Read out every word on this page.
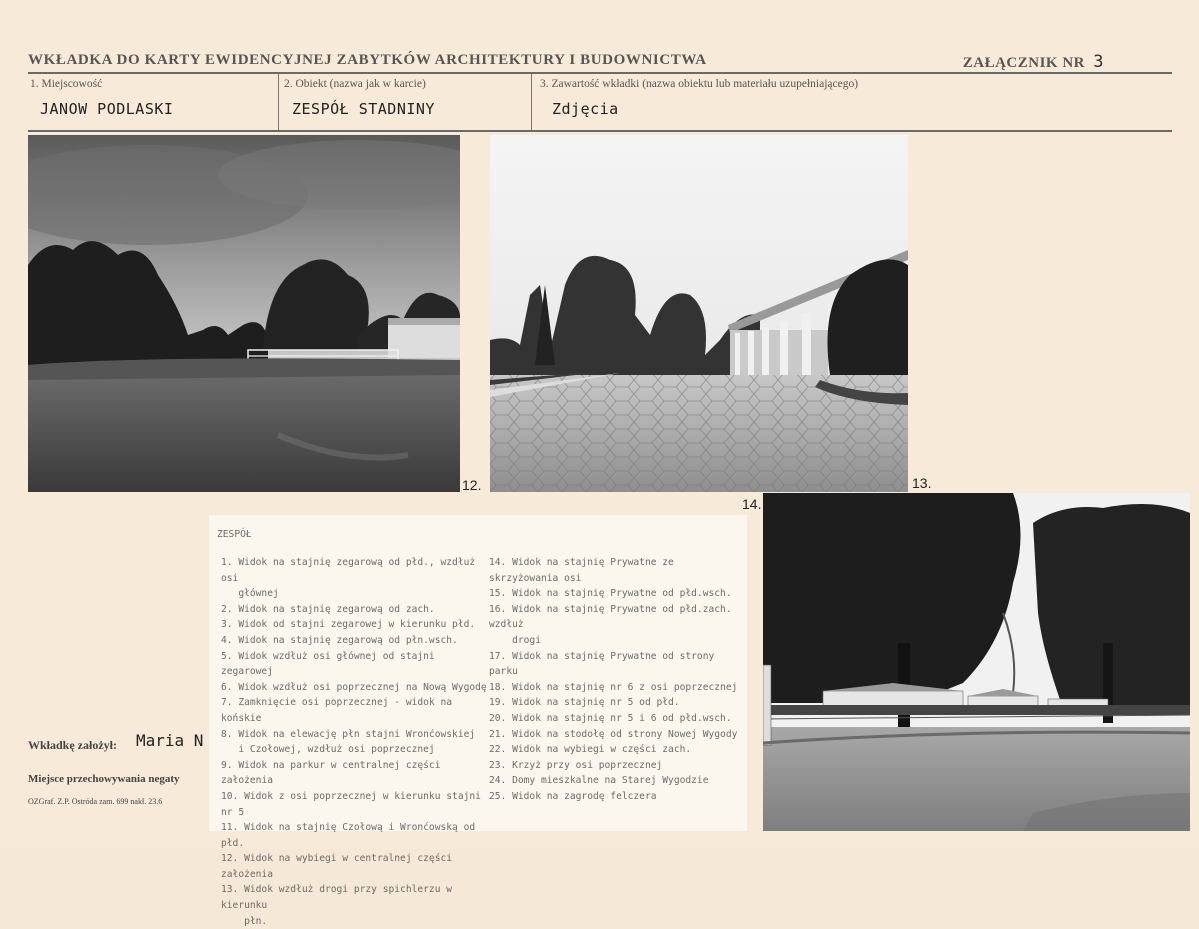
WKŁADKA DO KARTY EWIDENCYJNEJ ZABYTKÓW ARCHITEKTURY I BUDOWNICTWA	ZAŁĄCZNIK NR 3
1. Miejscowość
JANOW PODLASKI
2. Obiekt (nazwa jak w karcie)
ZESPÓŁ STADNINY
3. Zawartość wkładki (nazwa obiektu lub materiału uzupełniającego)
Zdjęcia
12.	13.
14.
ZESPÓŁ
1. Widok na stajnię zegarową od płd., wzdłuż osi
głównej
2. Widok na stajnię zegarową od zach.
3. Widok od stajni zegarowej w kierunku płd.
4. Widok na stajnię zegarową od płn.wsch.
5. Widok wzdłuż osi głównej od stajni zegarowej
6. Widok wzdłuż osi poprzecznej na Nową Wygodę
7. Zamknięcie osi poprzecznej - widok na końskie
8. Widok na elewację płn stajni Wronćowskiej
i Czołowej, wzdłuż osi poprzecznej
9. Widok na parkur w centralnej części założenia
10. Widok z osi poprzecznej w kierunku stajni nr 5
11. Widok na stajnię Czołową i Wronćowską od płd.
12. Widok na wybiegi w centralnej części założenia
13. Widok wzdłuż drogi przy spichlerzu w kierunku
płn.
14. Widok na stajnię Prywatne ze skrzyżowania osi
15. Widok na stajnię Prywatne od płd.wsch.
16. Widok na stajnię Prywatne od płd.zach. wzdłuż
drogi
17. Widok na stajnię Prywatne od strony parku
18. Widok na stajnię nr 6 z osi poprzecznej
19. Widok na stajnię nr 5 od płd.
20. Widok na stajnię nr 5 i 6 od płd.wsch.
21. Widok na stodołę od strony Nowej Wygody
22. Widok na wybiegi w części zach.
23. Krzyż przy osi poprzecznej
24. Domy mieszkalne na Starej Wygodzie
25. Widok na zagrodę felczera
Wkładkę założył: Maria N
Miejsce przechowywania negaty
OZGraf. Z.P. Ostróda zam. 699 nakł. 23.6
